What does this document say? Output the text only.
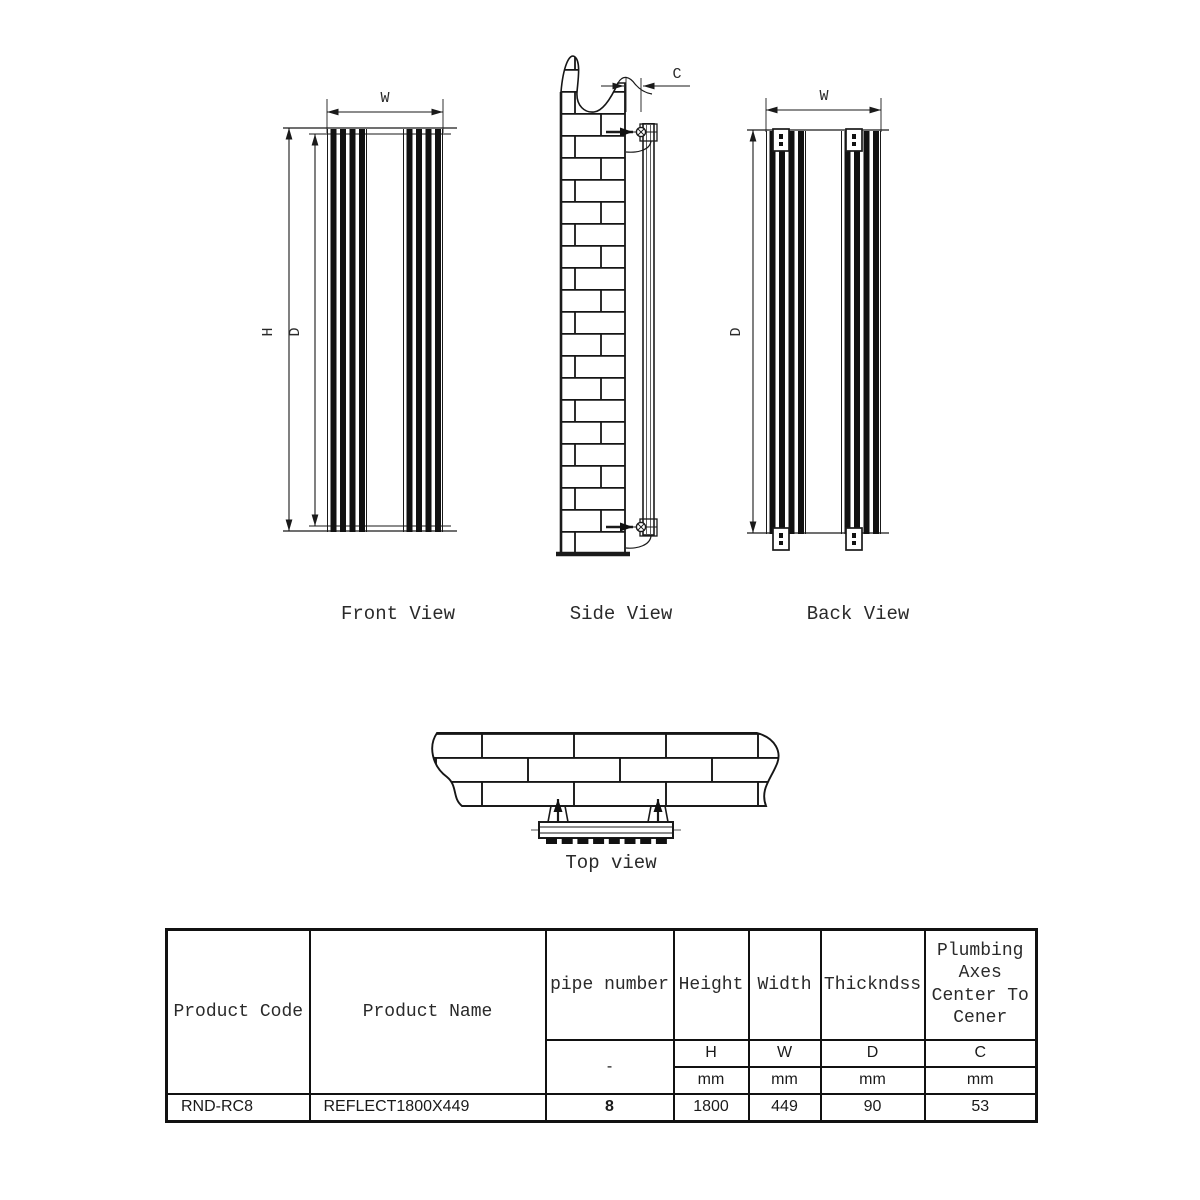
W
H D
C
W
D
Front View	Side View	Back View
Top view
Product Code	Product Name	pipe number	Height	Width	Thickndss	Plumbing Axes Center To Cener
		-	H	W	D	C
			mm	mm	mm	mm
RND-RC8	REFLECT1800X449	8	1800	449	90	53
